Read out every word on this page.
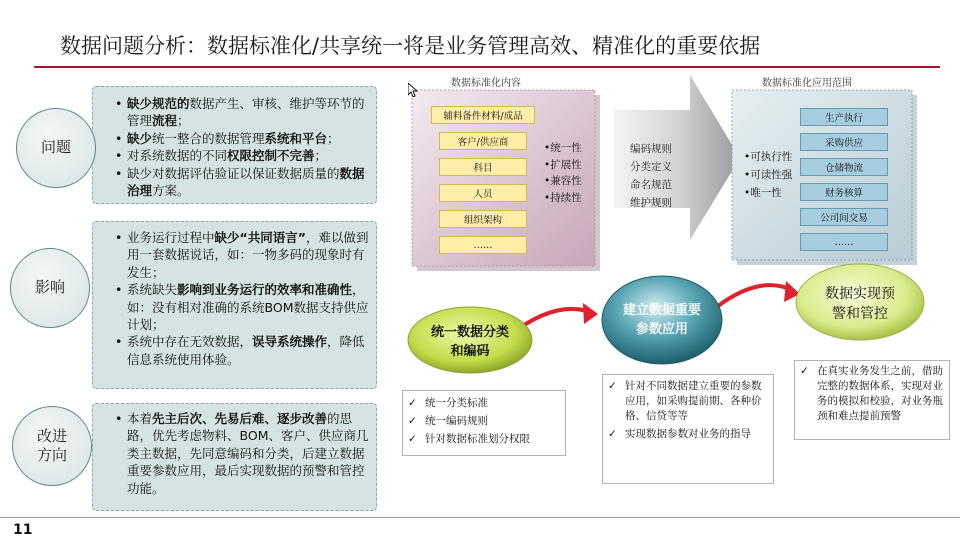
数据问题分析：数据标准化/共享统一将是业务管理高效、精准化的重要依据
• 缺少规范的数据产生、审核、维护等环节的管理流程；
• 缺少统一整合的数据管理系统和平台；
• 对系统数据的不同权限控制不完善；
• 缺少对数据评估验证以保证数据质量的数据治理方案。
问题
• 业务运行过程中缺少“共同语言”，难以做到用一套数据说话，如：一物多码的现象时有发生；
• 系统缺失影响到业务运行的效率和准确性，如：没有相对准确的系统BOM数据支持供应计划；
• 系统中存在无效数据，误导系统操作，降低信息系统使用体验。
影响
• 本着先主后次、先易后难、逐步改善的思路，优先考虑物料、BOM、客户、供应商几类主数据，先同意编码和分类，后建立数据重要参数应用，最后实现数据的预警和管控功能。
改进方向
数据标准化内容
辅料备件材料/成品
客户/供应商
科目
人员
组织架构
……
•统一性
•扩展性
•兼容性
•持续性
编码规则
分类定义
命名规范
维护规则
数据标准化应用范围
生产执行
采购供应
仓储物流
财务核算
公司间交易
……
•可执行性
•可读性强
•唯一性
统一数据分类和编码
建立数据重要参数应用
数据实现预警和管控
✓ 统一分类标准
✓ 统一编码规则
✓ 针对数据标准划分权限
✓ 针对不同数据建立重要的参数应用，如采购提前期、各种价格、信贷等等
✓ 实现数据参数对业务的指导
✓ 在真实业务发生之前，借助完整的数据体系，实现对业务的模拟和校验，对业务瓶颈和难点提前预警
11
